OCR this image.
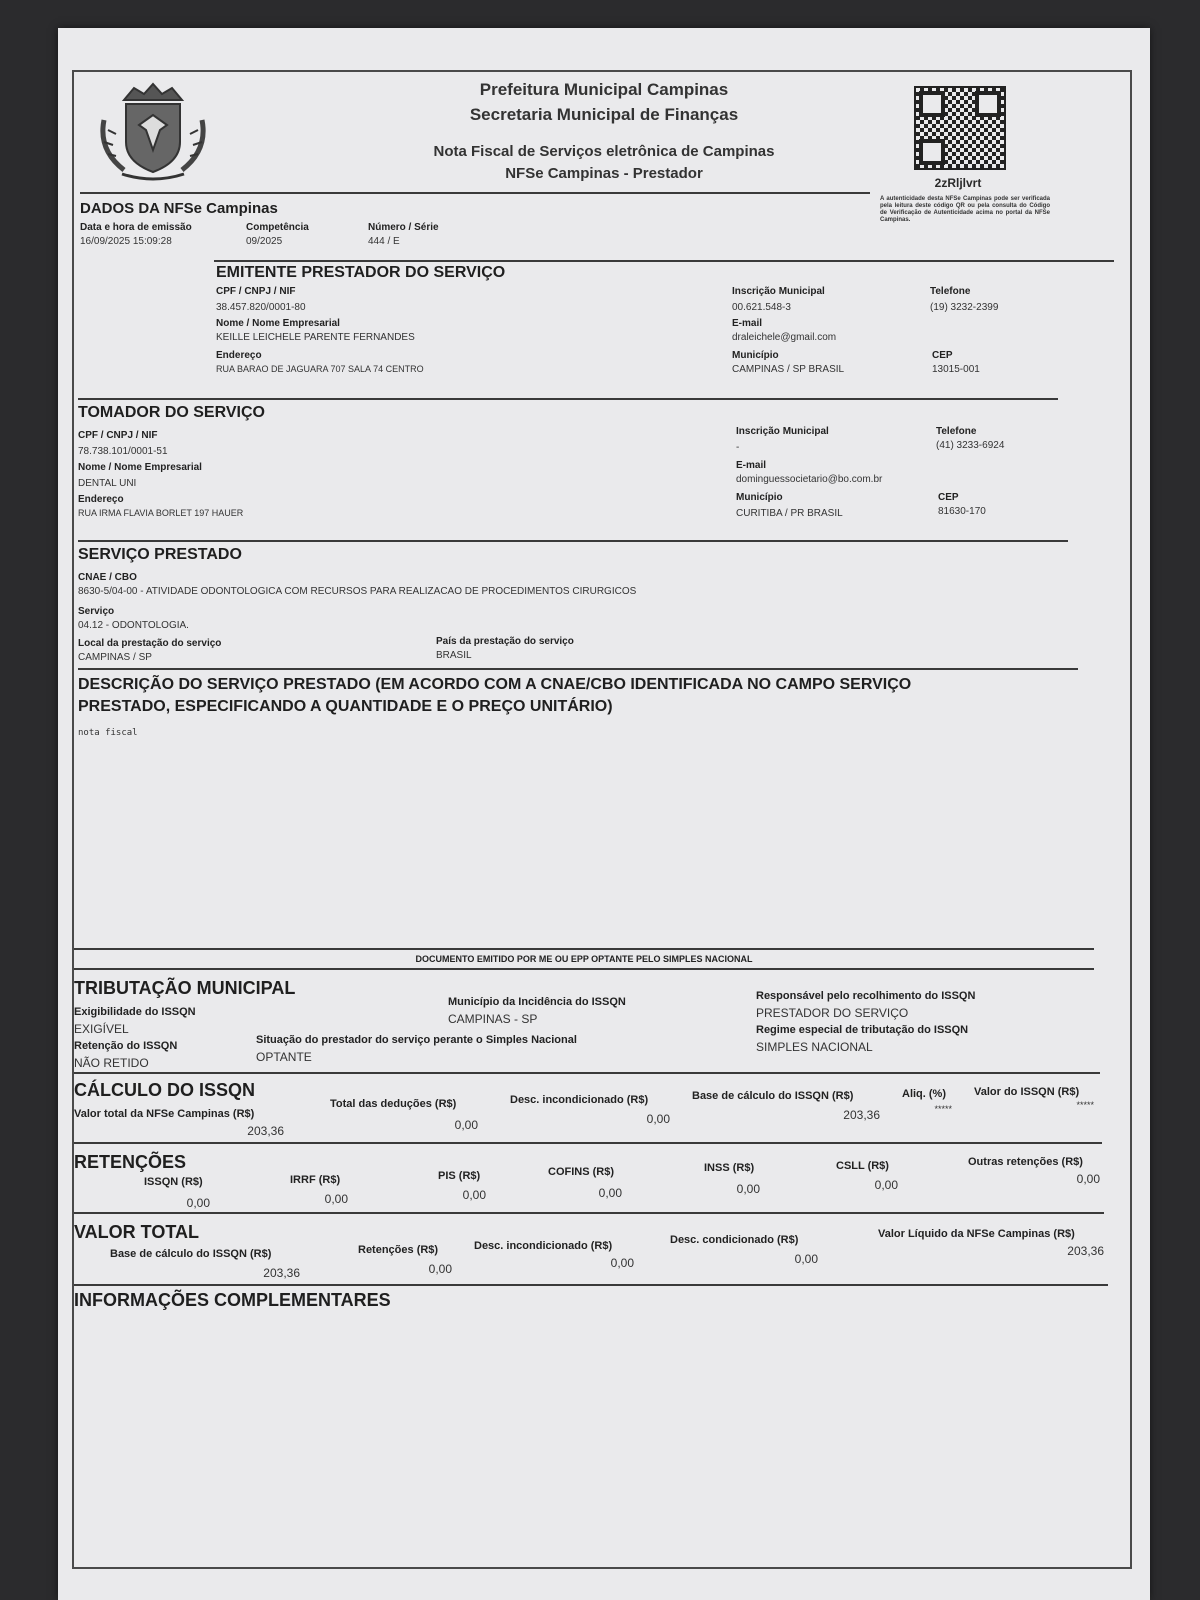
Prefeitura Municipal Campinas
Secretaria Municipal de Finanças
Nota Fiscal de Serviços eletrônica de Campinas
NFSe Campinas - Prestador
2zRljlvrt
A autenticidade desta NFSe Campinas pode ser verificada pela leitura deste código QR ou pela consulta do Código de Verificação de Autenticidade acima no portal da NFSe Campinas.
DADOS DA NFSe Campinas
Data e hora de emissão
16/09/2025 15:09:28
Competência
09/2025
Número / Série
444 / E
EMITENTE PRESTADOR DO SERVIÇO
CPF / CNPJ / NIF
38.457.820/0001-80
Nome / Nome Empresarial
KEILLE LEICHELE PARENTE FERNANDES
Endereço
RUA BARAO DE JAGUARA 707 SALA 74 CENTRO
Inscrição Municipal
00.621.548-3
E-mail
draleichele@gmail.com
Município
CAMPINAS / SP BRASIL
Telefone
(19) 3232-2399
CEP
13015-001
TOMADOR DO SERVIÇO
CPF / CNPJ / NIF
78.738.101/0001-51
Nome / Nome Empresarial
DENTAL UNI
Endereço
RUA IRMA FLAVIA BORLET 197 HAUER
Inscrição Municipal
-
E-mail
dominguessocietario@bo.com.br
Município
CURITIBA / PR BRASIL
Telefone
(41) 3233-6924
CEP
81630-170
SERVIÇO PRESTADO
CNAE / CBO
8630-5/04-00 - ATIVIDADE ODONTOLOGICA COM RECURSOS PARA REALIZACAO DE PROCEDIMENTOS CIRURGICOS
Serviço
04.12 - ODONTOLOGIA.
Local da prestação do serviço
CAMPINAS / SP
País da prestação do serviço
BRASIL
DESCRIÇÃO DO SERVIÇO PRESTADO (EM ACORDO COM A CNAE/CBO IDENTIFICADA NO CAMPO SERVIÇO
PRESTADO, ESPECIFICANDO A QUANTIDADE E O PREÇO UNITÁRIO)
nota fiscal
DOCUMENTO EMITIDO POR ME OU EPP OPTANTE PELO SIMPLES NACIONAL
TRIBUTAÇÃO MUNICIPAL
Exigibilidade do ISSQN
EXIGÍVEL
Retenção do ISSQN
NÃO RETIDO
Município da Incidência do ISSQN
CAMPINAS - SP
Situação do prestador do serviço perante o Simples Nacional
OPTANTE
Responsável pelo recolhimento do ISSQN
PRESTADOR DO SERVIÇO
Regime especial de tributação do ISSQN
SIMPLES NACIONAL
CÁLCULO DO ISSQN
Valor total da NFSe Campinas (R$)
203,36
Total das deduções (R$)
0,00
Desc. incondicionado (R$)
0,00
Base de cálculo do ISSQN (R$)
203,36
Aliq. (%)
*****
Valor do ISSQN (R$)
*****
RETENÇÕES
ISSQN (R$)
0,00
IRRF (R$)
0,00
PIS (R$)
0,00
COFINS (R$)
0,00
INSS (R$)
0,00
CSLL (R$)
0,00
Outras retenções (R$)
0,00
VALOR TOTAL
Base de cálculo do ISSQN (R$)
203,36
Retenções (R$)
0,00
Desc. incondicionado (R$)
0,00
Desc. condicionado (R$)
0,00
Valor Líquido da NFSe Campinas (R$)
203,36
INFORMAÇÕES COMPLEMENTARES
